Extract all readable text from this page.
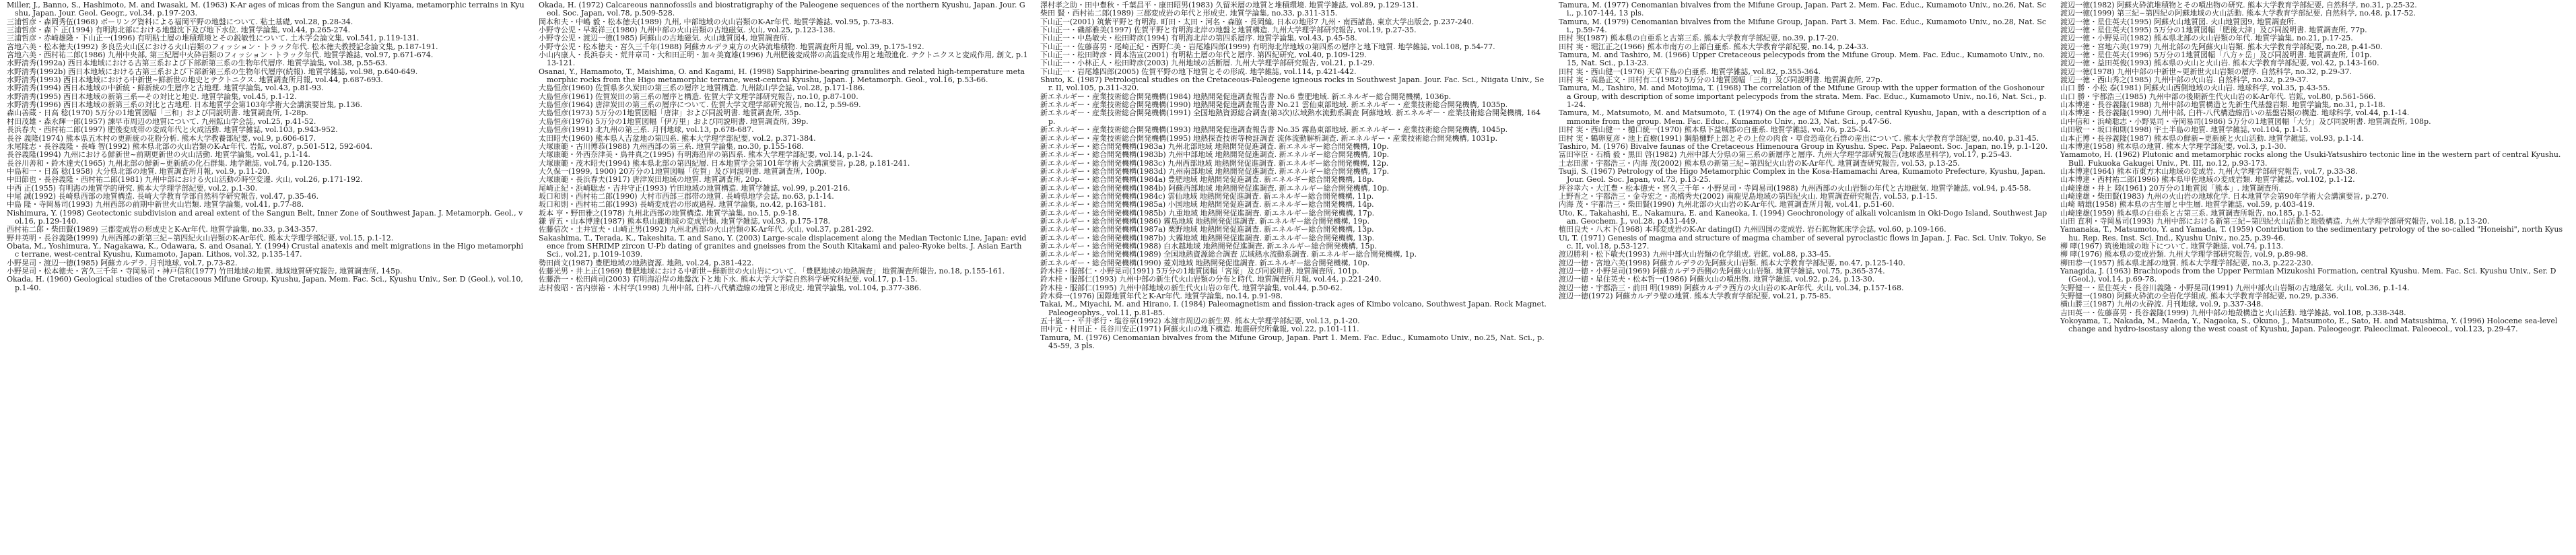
Miller, J., Banno, S., Hashimoto, M. and Iwasaki, M. (1963) K-Ar ages of micas from the Sangun and Kiyama, metamorphic terrains in Kyushu, Japan. Jour. Geol. Geogr., vol.34, p.197-203.

三浦哲彦・森岡秀伍(1968) ボーリング資料による福岡平野の地盤について. 粘土基礎, vol.28, p.28-34.

三浦哲彦・森下 正(1994) 有明海北部における地盤沈下及び地下水位. 地質学論集, vol.44, p.265-274.

三浦哲彦・赤崎雄隆・下山正一(1996) 有明粘土層の堆積環境とその鋭敏性について. 土木学会論文集, vol.541, p.119-131.

宮地六美・松本徳夫(1992) 多良岳火山区における火山岩類のフィッション・トラック年代. 松本徳夫教授記念論文集, p.187-191.

宮地六美・西村祐二郎(1986) 九州中央部, 第三紀層中火砕岩類のフィッション・トラック年代. 地質学雑誌, vol.97, p.671-674.

水野清秀(1992a) 西日本地域における古第三系および下部新第三系の生物年代層序. 地質学論集, vol.38, p.55-63.

水野清秀(1992b) 西日本地域における古第三系および下部新第三系の生物年代層序(続報). 地質学雑誌, vol.98, p.640-649.

水野清秀(1993) 西日本地域における中新世~鮮新世の地史とテクトニクス. 地質調査所月報, vol.44, p.687-693.

水野清秀(1994) 西日本地域の中新統・鮮新統の生層序と古地理. 地質学論集, vol.43, p.81-93.

水野清秀(1995) 西日本地域の新第三系—その対比と地史. 地質学論集, vol.45, p.1-12.

水野清秀(1996) 西日本地域の新第三系の対比と古地理. 日本地質学会第103年学術大会講演要旨集, p.136.

森山善蔵・日高 稔(1970) 5万分の1地質図幅「三和」および同説明書. 地質調査所, 1-28p.

村田茂雄・森永輝一郎(1957) 諫早市周辺の地質について. 九州鉱山学会誌, vol.25, p.41-52.

長浜春夫・西村祐二郎(1997) 肥後変成帯の変成年代と火成活動. 地質学雑誌, vol.103, p.943-952.

長谷 義隆(1974) 熊本県五木村の更新統の花粉分析. 熊本大学教養部紀要, vol.9, p.606-617.

永尾隆志・長谷義隆・長峰 智(1992) 熊本県北部の火山岩類のK-Ar年代. 岩鉱, vol.87, p.501-512, 592-604.

長谷義隆(1994) 九州における鮮新世~前期更新世の火山活動. 地質学論集, vol.41, p.1-14.

長谷川善和・鈴木達夫(1965) 九州北部の鮮新~更新統の化石群集. 地学雑誌, vol.74, p.120-135.

中島和一・日高 稔(1958) 大分県北部の地質. 地質調査所月報, vol.9, p.11-20.

中田節也・長谷義隆・西村祐二郎(1981) 九州中部における火山活動の時空変遷. 火山, vol.26, p.171-192.

中西 正(1955) 有明海の地質学的研究. 熊本大学理学部紀要, vol.2, p.1-30.

中尾 誠(1992) 長崎県西部の地質構造. 長崎大学教育学部自然科学研究報告, vol.47, p.35-46.

中島 隆・寺岡易司(1993) 九州西部の前期中新世火山岩類. 地質学論集, vol.41, p.77-88.

Nishimura, Y. (1998) Geotectonic subdivision and areal extent of the Sangun Belt, Inner Zone of Southwest Japan. J. Metamorph. Geol., vol.16, p.129-140.

西村祐二郎・柴田賢(1989) 三郡変成岩の形成史とK-Ar年代. 地質学論集, no.33, p.343-357.

野井英明・長谷義隆(1999) 九州西部の新第三紀~第四紀火山岩類のK-Ar年代. 熊本大学理学部紀要, vol.15, p.1-12.

Obata, M., Yoshimura, Y., Nagakawa, K., Odawara, S. and Osanai, Y. (1994) Crustal anatexis and melt migrations in the Higo metamorphic terrane, west-central Kyushu, Kumamoto, Japan. Lithos, vol.32, p.135-147.

小野晃司・渡辺一徳(1985) 阿蘇カルデラ. 月刊地球, vol.7, p.73-82.

小野晃司・松本徳夫・宮久三千年・寺岡易司・神戸信和(1977) 竹田地域の地質. 地域地質研究報告, 地質調査所, 145p.

Okada, H. (1960) Geological studies of the Cretaceous Mifune Group, Kyushu, Japan. Mem. Fac. Sci., Kyushu Univ., Ser. D (Geol.), vol.10, p.1-40.

Okada, H. (1972) Calcareous nannofossils and biostratigraphy of the Paleogene sequences of the northern Kyushu, Japan. Jour. Geol. Soc. Japan, vol.78, p.509-528.

岡本和夫・中嶋 毅・松本徳夫(1989) 九州, 中部地域の火山岩類のK-Ar年代. 地質学雑誌, vol.95, p.73-83.

小野寺公児・早坂祥三(1980) 九州中部の火山岩類の古地磁気. 火山, vol.25, p.123-138.

小野寺公児・渡辺一徳(1985) 阿蘇山の古地磁気. 火山地質図4, 地質調査所.

小野寺公児・松本徳夫・宮久三千年(1988) 阿蘇カルデラ東方の火砕流堆積物. 地質調査所月報, vol.39, p.175-192.

小山内康人・長浜春夫・荒井章司・大和田正明・加々美寛雄(1996) 九州肥後変成帯の高温変成作用と地殻進化. テクトニクスと変成作用, 創文, p.113-121.

Osanai, Y., Hamamoto, T., Maishima, O. and Kagami, H. (1998) Sapphirine-bearing granulites and related high-temperature metamorphic rocks from the Higo metamorphic terrane, west-central Kyushu, Japan. J. Metamorph. Geol., vol.16, p.53-66.

大島恒彦(1960) 佐賀県多久炭田の第三系の層序と地質構造. 九州鉱山学会誌, vol.28, p.171-186.

大島恒彦(1961) 佐賀炭田の第三系の層序と構造. 佐賀大学文理学部研究報告, no.10, p.87-100.

大島恒彦(1964) 唐津炭田の第三系の層序について. 佐賀大学文理学部研究報告, no.12, p.59-69.

大島恒彦(1973) 5万分の1地質図幅「唐津」および同説明書. 地質調査所, 35p.

大島恒彦(1976) 5万分の1地質図幅「伊万里」および同説明書. 地質調査所, 39p.

大島恒彦(1991) 北九州の第三系. 月刊地球, vol.13, p.678-687.

太田昭夫(1960) 熊本県人吉盆地の第四系. 熊本大学理学部紀要, vol.2, p.371-384.

大塚康範・古川博恭(1988) 九州西部の第三系. 地質学論集, no.30, p.155-168.

大塚康範・外西奈津美・鳥井真之(1995) 有明海沿岸の第四系. 熊本大学理学部紀要, vol.14, p.1-24.

大塚康範・茂木昭夫(1994) 熊本県北部の第四紀層. 日本地質学会第101年学術大会講演要旨, p.28, p.181-241.

大久保一(1999, 1900) 20万分の1地質図幅「佐賀」及び同説明書. 地質調査所, 100p.

大塚康範・長浜春夫(1917) 唐津炭田地域の地質. 地質調査所, 20p.

尾崎正紀・浜崎聡志・吉井守正(1993) 竹田地域の地質構造. 地質学雑誌, vol.99, p.201-216.

坂口和則・西村祐二郎(1990) 大村市西部三郡帯の地質. 長崎県地学会誌, no.63, p.1-14.

坂口和則・西村祐二郎(1993) 長崎変成岩の形成過程. 地質学論集, no.42, p.163-181.

坂本 亨・野田雅之(1978) 九州北西部の地質構造. 地質学論集, no.15, p.9-18.

鎌 晋五・山本博達(1987) 熊本県山鹿地域の変成岩類. 地質学雑誌, vol.93, p.175-178.

佐藤信次・土井宣夫・山崎正男(1992) 九州北西部の火山岩類のK-Ar年代. 火山, vol.37, p.281-292.

Sakashima, T., Terada, K., Takeshita, T. and Sano, Y. (2003) Large-scale displacement along the Median Tectonic Line, Japan: evidence from SHRIMP zircon U-Pb dating of granites and gneisses from the South Kitakami and paleo-Ryoke belts. J. Asian Earth Sci., vol.21, p.1019-1039.

勢田尚文(1987) 豊肥地域の地熱資源. 地熱, vol.24, p.381-422.

佐藤光男・井上正(1969) 豊肥地域における中新世~鮮新世の火山岩について. 「豊肥地域の地熱調査」 地質調査所報告, no.18, p.155-161.

佐藤浩一・松田尚司(2003) 有明海沿岸の地盤沈下と地下水. 熊本大学大学院自然科学研究科紀要, vol.17, p.1-15.

志村俊昭・宮内崇裕・木村学(1998) 九州中部, 臼杵-八代構造線の地質と形成史. 地質学論集, vol.104, p.377-386.

澤村孝之助・田中豊秋・千葉昌平・康田昭男(1983) 久留米層の地質と堆積環境. 地質学雑誌, vol.89, p.129-131.

柴田 賢・西村祐二郎(1989) 三郡変成岩の年代と形成史. 地質学論集, no.33, p.311-315.

下山正一(2001) 筑紫平野と有明海. 町田・太田・河名・森脇・長岡編, 日本の地形7 九州・南西諸島, 東京大学出版会, p.237-240.

下山正一・磯部雅美(1997) 佐賀平野と有明海北岸の地盤と地質構造. 九州大学理学部研究報告, vol.19, p.27-35.

下山正一・中島敏夫・松田時彦(1994) 有明海北岸の第四系層序. 地質学論集, vol.43, p.45-58.

下山正一・佐藤喜男・尾崎正紀・西野仁美・岩尾雄四郎(1999) 有明海北岸地域の第四系の層序と地下地質. 地学雑誌, vol.108, p.54-77.

下山正一・松田時彦・岡本浩宣(2001) 有明粘土層の年代と層序. 第四紀研究, vol.40, p.109-129.

下山正一・小林正人・松田時彦(2003) 九州地域の活断層. 九州大学理学部研究報告, vol.21, p.1-29.

下山正一・岩尾雄四郎(2005) 佐賀平野の地下地質とその形成. 地学雑誌, vol.114, p.421-442.

Shuto, K. (1987) Petrological studies on the Cretaceous-Paleogene igneous rocks in Southwest Japan. Jour. Fac. Sci., Niigata Univ., Ser. II, vol.105, p.311-320.

新エネルギー・産業技術総合開発機構(1984) 地熱開発促進調査報告書 No.6 豊肥地域. 新エネルギー総合開発機構, 1036p.

新エネルギー・産業技術総合開発機構(1990) 地熱開発促進調査報告書 No.21 雲仙東部地域. 新エネルギー・産業技術総合開発機構, 1035p.

新エネルギー・産業技術総合開発機構(1991) 全国地熱資源総合調査(第3次)広域熱水流動系調査 阿蘇地域. 新エネルギー・産業技術総合開発機構, 164p.

新エネルギー・産業技術総合開発機構(1993) 地熱開発促進調査報告書 No.35 霧島東部地域. 新エネルギー・産業技術総合開発機構, 1045p.

新エネルギー・産業技術総合開発機構(1995) 地熱探査技術等検証調査 流体流動解析調査. 新エネルギー・産業技術総合開発機構, 1031p.

新エネルギー・総合開発機構(1983a) 九州北部地域 地熱開発促進調査. 新エネルギー総合開発機構, 10p.

新エネルギー・総合開発機構(1983b) 九州中部地域 地熱開発促進調査. 新エネルギー総合開発機構, 10p.

新エネルギー・総合開発機構(1983c) 九州西部地域 地熱開発促進調査. 新エネルギー総合開発機構, 12p.

新エネルギー・総合開発機構(1983d) 九州南部地域 地熱開発促進調査. 新エネルギー総合開発機構, 17p.

新エネルギー・総合開発機構(1984a) 豊肥地域 地熱開発促進調査. 新エネルギー総合開発機構, 18p.

新エネルギー・総合開発機構(1984b) 阿蘇西部地域 地熱開発促進調査. 新エネルギー総合開発機構, 10p.

新エネルギー・総合開発機構(1984c) 雲仙地域 地熱開発促進調査. 新エネルギー総合開発機構, 11p.

新エネルギー・総合開発機構(1985a) 小国地域 地熱開発促進調査. 新エネルギー総合開発機構, 14p.

新エネルギー・総合開発機構(1985b) 九重地域 地熱開発促進調査. 新エネルギー総合開発機構, 17p.

新エネルギー・総合開発機構(1986) 霧島地域 地熱開発促進調査. 新エネルギー総合開発機構, 19p.

新エネルギー・総合開発機構(1987a) 栗野地域 地熱開発促進調査. 新エネルギー総合開発機構, 13p.

新エネルギー・総合開発機構(1987b) 大霧地域 地熱開発促進調査. 新エネルギー総合開発機構, 13p.

新エネルギー・総合開発機構(1988) 白水越地域 地熱開発促進調査. 新エネルギー総合開発機構, 15p.

新エネルギー・総合開発機構(1989) 全国地熱資源総合調査 広域熱水流動系調査. 新エネルギー総合開発機構, 1p.

新エネルギー・総合開発機構(1990) 菱刈地域 地熱開発促進調査. 新エネルギー総合開発機構, 10p.

鈴木桂・服部仁・小野晃司(1991) 5万分の1地質図幅「宮原」及び同説明書. 地質調査所, 101p.

鈴木桂・服部仁(1993) 九州中部の新生代火山岩類の分布と時代. 地質調査所月報, vol.44, p.221-240.

鈴木桂・服部仁(1995) 九州中部地域の新生代火山岩の年代. 地質学論集, vol.44, p.50-62.

鈴木舜一(1976) 国際地質年代とK-Ar年代. 地質学論集, no.14, p.91-98.

Takai, M., Miyachi, M. and Hirano, I. (1984) Paleomagnetism and fission-track ages of Kimbo volcano, Southwest Japan. Rock Magnet. Paleogeophys., vol.11, p.81-85.

五十嵐一・平井孝行・塩谷章(1992) 本渡市周辺の新生界. 熊本大学理学部紀要, vol.13, p.1-20.

田中元・村田正・長谷川安正(1971) 阿蘇火山の地下構造. 地震研究所彙報, vol.22, p.101-111.

Tamura, M. (1976) Cenomanian bivalves from the Mifune Group, Japan. Part 1. Mem. Fac. Educ., Kumamoto Univ., no.25, Nat. Sci., p.45-59, 3 pls.

Tamura, M. (1977) Cenomanian bivalves from the Mifune Group, Japan. Part 2. Mem. Fac. Educ., Kumamoto Univ., no.26, Nat. Sci., p.107-144, 13 pls.

Tamura, M. (1979) Cenomanian bivalves from the Mifune Group, Japan. Part 3. Mem. Fac. Educ., Kumamoto Univ., no.28, Nat. Sci., p.59-74.

田村 実(1987) 熊本県の白亜系と古第三系. 熊本大学教育学部紀要, no.39, p.17-20.

田村 実・堀江正之(1966) 熊本市南方の上部白亜系. 熊本大学教育学部紀要, no.14, p.24-33.

Tamura, M. and Tashiro, M. (1966) Upper Cretaceous pelecypods from the Mifune Group. Mem. Fac. Educ., Kumamoto Univ., no.15, Nat. Sci., p.13-23.

田村 実・西山健一(1976) 天草下島の白亜系. 地質学雑誌, vol.82, p.355-364.

田村 実・高島正文・田村有二(1982) 5万分の1地質図幅「三角」及び同説明書. 地質調査所, 27p.

Tamura, M., Tashiro, M. and Motojima, T. (1968) The correlation of the Mifune Group with the upper formation of the Goshonoura Group, with description of some important pelecypods from the strata. Mem. Fac. Educ., Kumamoto Univ., no.16, Nat. Sci., p.1-24.

Tamura, M., Matsumoto, M. and Matsumoto, T. (1974) On the age of Mifune Group, central Kyushu, Japan, with a description of ammonite from the group. Mem. Fac. Educ., Kumamoto Univ., no.23, Nat. Sci., p.47-56.

田村 実・西山健一・樋口統一(1970) 熊本県下益城郡の白亜系. 地質学雑誌, vol.76, p.25-34.

田村 実・鶴卵夏彦・池上直樹(1991) 鋼船樋野上部とその上位の肉食・草食恐竜化石群の産出について. 熊本大学教育学部紀要, no.40, p.31-45.

Tashiro, M. (1976) Bivalve faunas of the Cretaceous Himenoura Group in Kyushu. Spec. Pap. Palaeont. Soc. Japan, no.19, p.1-120.

冨田宰臣・石橋 毅・黒田 啓(1982) 九州中部大分県の第三系の新層序と層序. 九州大学理学部研究報告(地球惑星科学), vol.17, p.25-43.

土志田潔・宇都浩三・内海 茂(2002) 熊本県の新第三紀~第四紀火山岩のK-Ar年代. 地質調査研究報告, vol.53, p.13-25.

Tsuji, S. (1967) Petrology of the Higo Metamorphic Complex in the Kosa-Hamamachi Area, Kumamoto Prefecture, Kyushu, Japan. Jour. Geol. Soc. Japan, vol.73, p.13-25.

坪谷幸六・大江豊・松本徳夫・宮久三千年・小野晃司・寺岡易司(1988) 九州西部の火山岩類の年代と古地磁気. 地質学雑誌, vol.94, p.45-58.

上野晋之・宇都浩三・金寺宏之・高橋秀夫(2002) 南鹿児島地域の第四紀火山. 地質調査研究報告, vol.53, p.1-15.

内海 茂・宇都浩三・柴田賢(1990) 九州北部の火山岩のK-Ar年代. 地質調査所月報, vol.41, p.51-60.

Uto, K., Takahashi, E., Nakamura, E. and Kaneoka, I. (1994) Geochronology of alkali volcanism in Oki-Dogo Island, Southwest Japan. Geochem. J., vol.28, p.431-449.

植田良夫・八木下(1968) 本邦変成岩のK-Ar dating(I) 九州四国の変成岩. 岩石鉱物鉱床学会誌, vol.60, p.109-166.

Ui, T. (1971) Genesis of magma and structure of magma chamber of several pyroclastic flows in Japan. J. Fac. Sci. Univ. Tokyo, Sec. II, vol.18, p.53-127.

渡辺勝利・松下敏夫(1993) 九州中部火山岩類の化学組成. 岩鉱, vol.88, p.33-45.

渡辺一徳・宮地六美(1998) 阿蘇カルデラの先阿蘇火山岩類. 熊本大学教育学部紀要, no.47, p.125-140.

渡辺一徳・小野晃司(1969) 阿蘇カルデラ西側の先阿蘇火山岩類. 地質学雑誌, vol.75, p.365-374.

渡辺一徳・星住英夫・松本哲一(1986) 阿蘇火山の噴出物. 地質学雑誌, vol.92, p.24, p.13-30.

渡辺一徳・宇都浩三・前田 明(1989) 阿蘇カルデラ西方の火山岩のK-Ar年代. 火山, vol.34, p.157-168.

渡辺一徳(1972) 阿蘇カルデラ壁の地質. 熊本大学教育学部紀要, vol.21, p.75-85.

渡辺一徳(1982) 阿蘇火砕流堆積物とその噴出物の研究. 熊本大学教育学部紀要, 自然科学, no.31, p.25-32.

渡辺一徳(1999) 第三紀~第四紀の阿蘇地域の火山活動. 熊本大学教育学部紀要, 自然科学, no.48, p.17-52.

渡辺一徳・星住英夫(1995) 阿蘇火山地質図. 火山地質図9, 地質調査所.

渡辺一徳・星住英夫(1995) 5万分の1地質図幅「肥後大津」及び同説明書. 地質調査所, 77p.

渡辺一徳・小野晃司(1982) 熊本県北部の火山岩類の年代. 地質学論集, no.21, p.17-25.

渡辺一徳・宮地六美(1979) 九州北部の先阿蘇火山岩類. 熊本大学教育学部紀要, no.28, p.41-50.

渡辺一徳・星住英夫(1996) 5万分の1地質図幅「八方ヶ岳」及び同説明書. 地質調査所, 101p.

渡辺一徳・益田英俊(1993) 熊本県の火山と火山岩. 熊本大学教育学部紀要, vol.42, p.143-160.

渡辺一徳(1978) 九州中部の中新世~更新世火山岩類の層序. 自然科学, no.32, p.29-37.

渡辺一徳・西山秀之(1985) 九州中部の火山岩. 自然科学, no.32, p.29-37.

山口 勝・小松 泰(1981) 阿蘇火山西側地域の火山岩. 地球科学, vol.35, p.43-55.

山口 勝・宇都浩三(1985) 九州中部の後期新生代火山岩のK-Ar年代. 岩鉱, vol.80, p.561-566.

山本博達・長谷義隆(1988) 九州中部の地質構造と先新生代基盤岩類. 地質学論集, no.31, p.1-18.

山本博達・長谷義隆(1990) 九州中部, 臼杵-八代構造線沿いの基盤岩類の構造. 地球科学, vol.44, p.1-14.

山中信和・浜崎聡志・小野晃司・寺岡易司(1986) 5万分の1地質図幅「大分」及び同説明書. 地質調査所, 108p.

山田敬一・坂口和則(1998) 宇土半島の地質. 地質学雑誌, vol.104, p.1-15.

山本正博・長谷義隆(1987) 熊本県の鮮新~更新統と火山活動. 地質学雑誌, vol.93, p.1-14.

山本博達(1958) 熊本県の地質. 熊本大学理学部紀要, vol.3, p.1-30.

Yamamoto, H. (1962) Plutonic and metamorphic rocks along the Usuki-Yatsushiro tectonic line in the western part of central Kyushu. Bull. Fukuoka Gakugei Univ., Pt. III, no.12, p.93-173.

山本博達(1964) 熊本市東方木山地域の変成岩. 九州大学理学部研究報告, vol.7, p.33-38.

山本博達・西村祐二郎(1996) 熊本県甲佐地域の変成岩類. 地質学雑誌, vol.102, p.1-12.

山崎達雄・井上 陸(1961) 20万分の1地質図「熊本」. 地質調査所.

山崎達雄・柴田賢(1983) 九州の火山岩の地球化学. 日本地質学会第90年学術大会講演要旨, p.270.

山崎 晴雄(1958) 熊本県の古生層と中生層. 地質学雑誌, vol.59, p.403-419.

山崎達雄(1959) 熊本県の白亜系と古第三系. 地質調査所報告, no.185, p.1-52.

山田 直利・寺岡易司(1993) 九州中部における新第三紀~第四紀火山活動と地殻構造. 九州大学理学部研究報告, vol.18, p.13-20.

Yamanaka, T., Matsumoto, Y. and Yamada, T. (1959) Contribution to the sedimentary petrology of the so-called "Honeishi", north Kyushu. Rep. Res. Inst. Sci. Ind., Kyushu Univ., no.25, p.39-46.

柳 哮(1967) 筑後地域の地下について. 地質学雑誌, vol.74, p.113.

柳 哮(1976) 熊本県の変成岩類. 九州大学理学部研究報告, vol.9, p.89-98.

柳田恭一(1957) 熊本県北部の地質. 熊本大学理学部紀要, no.3, p.222-230.

Yanagida, J. (1963) Brachiopods from the Upper Permian Mizukoshi Formation, central Kyushu. Mem. Fac. Sci. Kyushu Univ., Ser. D (Geol.), vol.14, p.69-78.

矢野健一・星住英夫・長谷川義隆・小野晃司(1991) 九州中部火山岩類の古地磁気. 火山, vol.36, p.1-14.

矢野健一(1980) 阿蘇火砕流の全岩化学組成. 熊本大学教育学部紀要, no.29, p.336.

横山勝三(1987) 九州の火砕流. 月刊地球, vol.9, p.337-348.

吉田英一・佐藤喜男・長谷義隆(1999) 九州中部の地殻構造と火山活動. 地学雑誌, vol.108, p.338-348.

Yokoyama, T., Nakada, M., Maeda, Y., Nagaoka, S., Okuno, J., Matsumoto, E., Sato, H. and Matsushima, Y. (1996) Holocene sea-level change and hydro-isostasy along the west coast of Kyushu, Japan. Paleogeogr. Paleoclimat. Paleoecol., vol.123, p.29-47.
